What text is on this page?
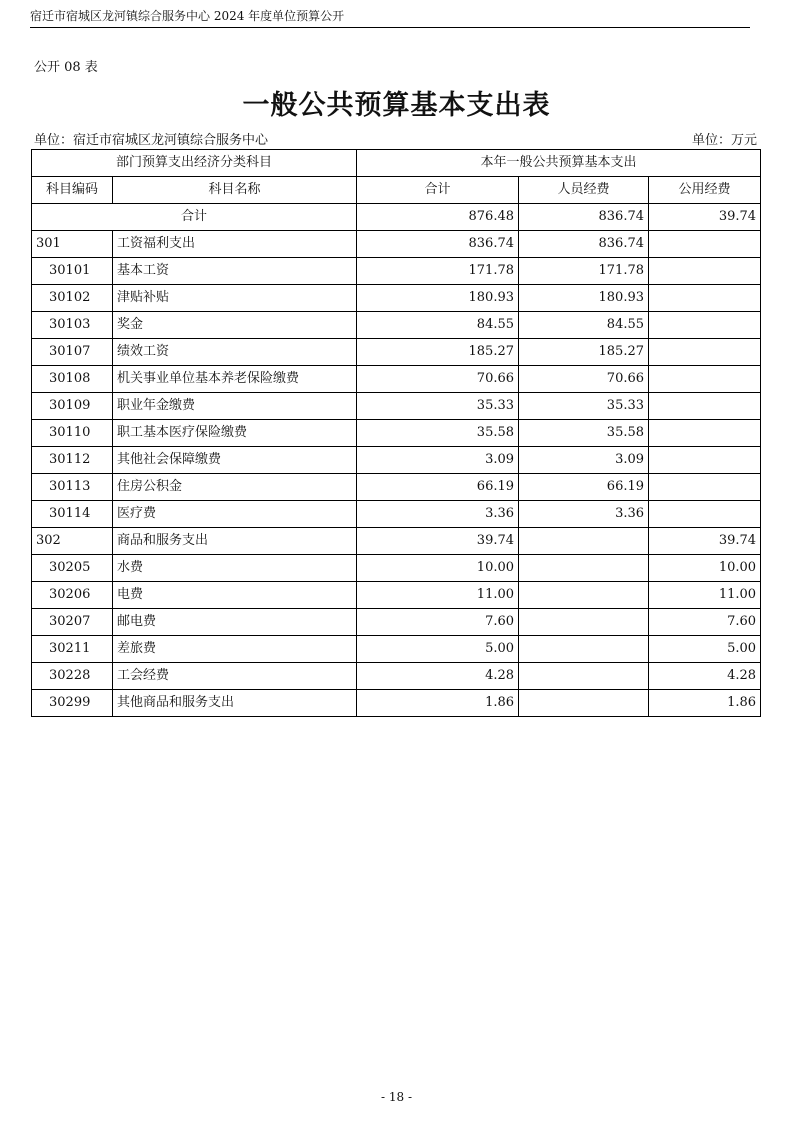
宿迁市宿城区龙河镇综合服务中心 2024 年度单位预算公开
公开 08 表
一般公共预算基本支出表
单位：宿迁市宿城区龙河镇综合服务中心	单位：万元
部门预算支出经济分类科目		本年一般公共预算基本支出		
科目编码	科目名称	合计	人员经费	公用经费
合计		876.48	836.74	39.74
301	工资福利支出	836.74	836.74	
30101	基本工资	171.78	171.78	
30102	津贴补贴	180.93	180.93	
30103	奖金	84.55	84.55	
30107	绩效工资	185.27	185.27	
30108	机关事业单位基本养老保险缴费	70.66	70.66	
30109	职业年金缴费	35.33	35.33	
30110	职工基本医疗保险缴费	35.58	35.58	
30112	其他社会保障缴费	3.09	3.09	
30113	住房公积金	66.19	66.19	
30114	医疗费	3.36	3.36	
302	商品和服务支出	39.74		39.74
30205	水费	10.00		10.00
30206	电费	11.00		11.00
30207	邮电费	7.60		7.60
30211	差旅费	5.00		5.00
30228	工会经费	4.28		4.28
30299	其他商品和服务支出	1.86		1.86
- 18 -
